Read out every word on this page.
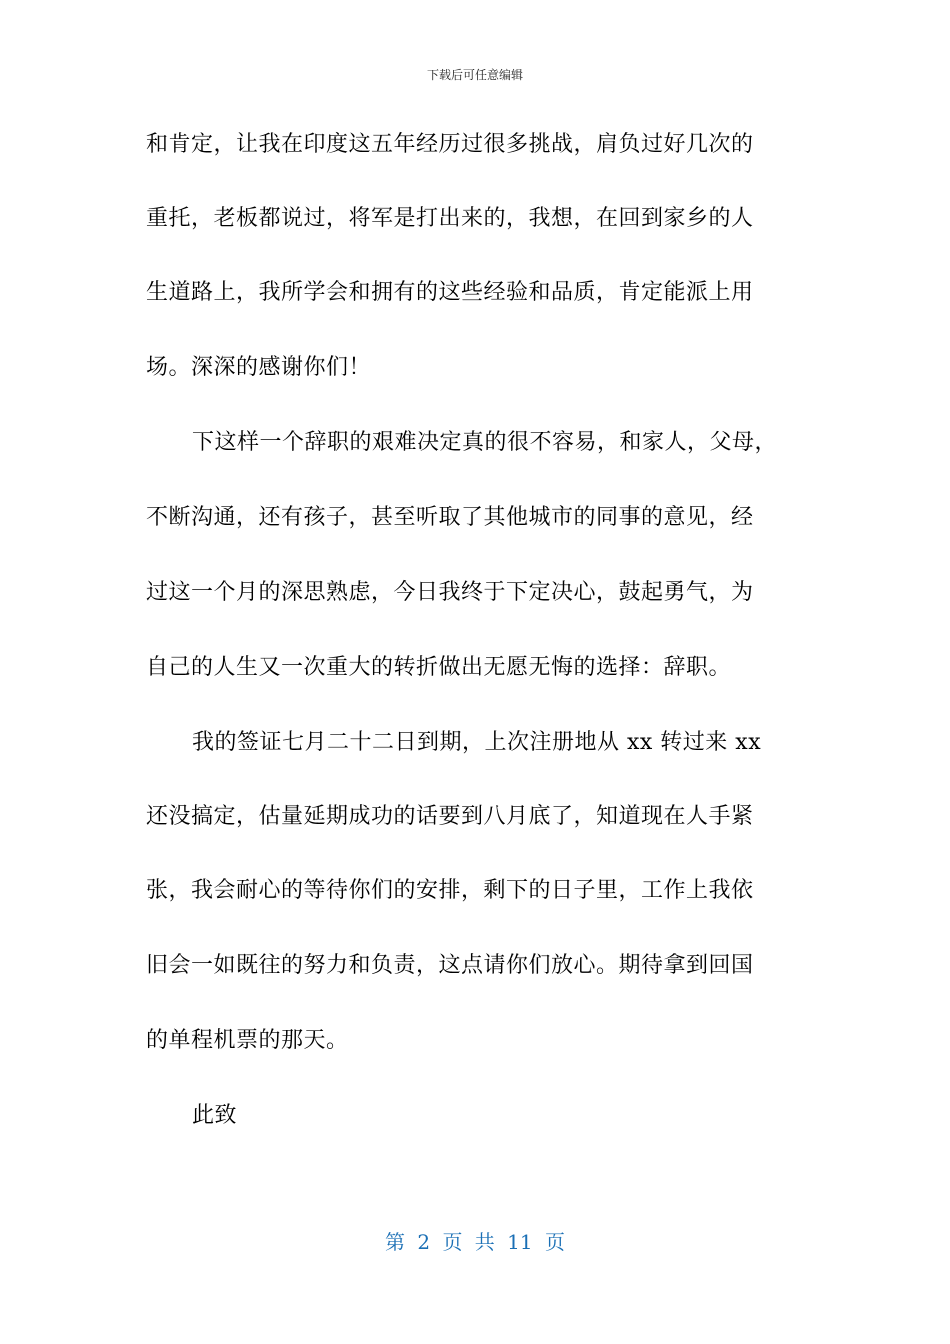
下载后可任意编辑
和肯定，让我在印度这五年经历过很多挑战，肩负过好几次的
重托，老板都说过，将军是打出来的，我想，在回到家乡的人
生道路上，我所学会和拥有的这些经验和品质，肯定能派上用
场。深深的感谢你们！
下这样一个辞职的艰难决定真的很不容易，和家人，父母，
不断沟通，还有孩子，甚至听取了其他城市的同事的意见，经
过这一个月的深思熟虑，今日我终于下定决心，鼓起勇气，为
自己的人生又一次重大的转折做出无愿无悔的选择：辞职。
我的签证七月二十二日到期，上次注册地从 xx 转过来 xx
还没搞定，估量延期成功的话要到八月底了，知道现在人手紧
张，我会耐心的等待你们的安排，剩下的日子里，工作上我依
旧会一如既往的努力和负责，这点请你们放心。期待拿到回国
的单程机票的那天。
此致
第 2 页 共 11 页
